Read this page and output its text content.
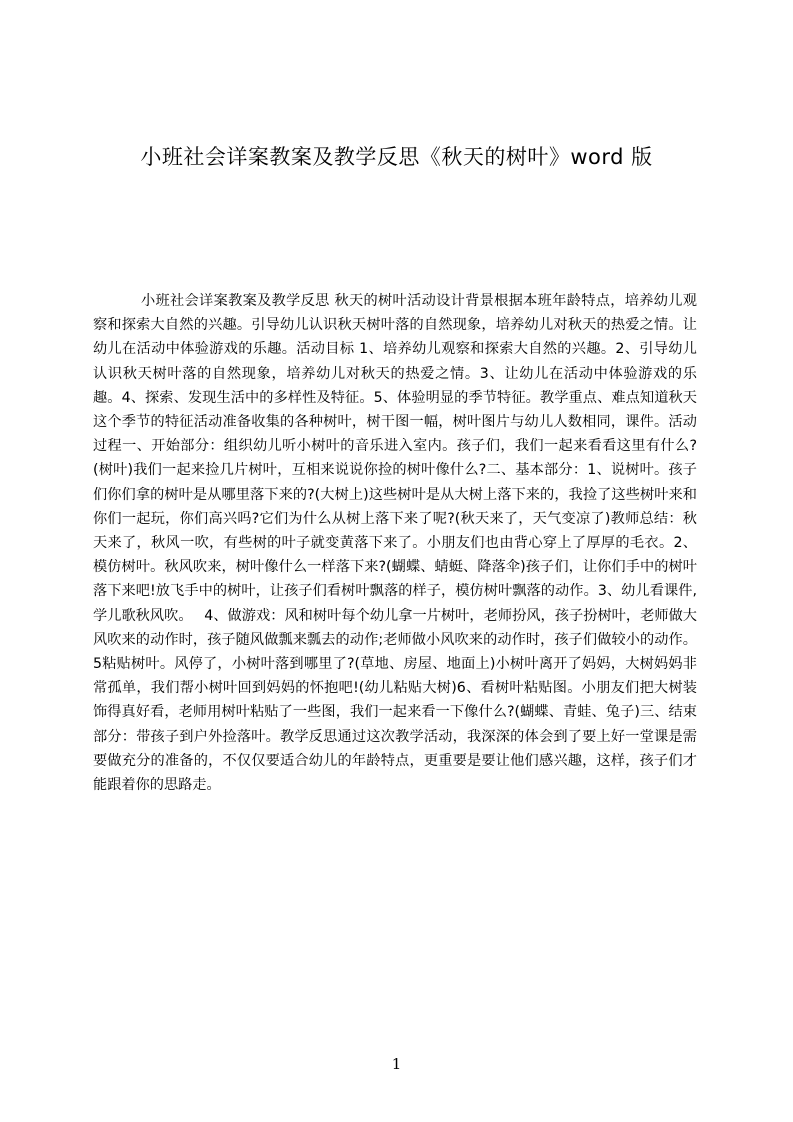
小班社会详案教案及教学反思《秋天的树叶》word 版

小班社会详案教案及教学反思 秋天的树叶活动设计背景根据本班年龄特点，培养幼儿观察和探索大自然的兴趣。引导幼儿认识秋天树叶落的自然现象，培养幼儿对秋天的热爱之情。让幼儿在活动中体验游戏的乐趣。活动目标 1、培养幼儿观察和探索大自然的兴趣。2、引导幼儿认识秋天树叶落的自然现象，培养幼儿对秋天的热爱之情。3、让幼儿在活动中体验游戏的乐趣。4、探索、发现生活中的多样性及特征。5、体验明显的季节特征。教学重点、难点知道秋天这个季节的特征活动准备收集的各种树叶，树干图一幅，树叶图片与幼儿人数相同，课件。活动过程一、开始部分：组织幼儿听小树叶的音乐进入室内。孩子们，我们一起来看看这里有什么?(树叶)我们一起来捡几片树叶，互相来说说你捡的树叶像什么?二、基本部分：1、说树叶。孩子们你们拿的树叶是从哪里落下来的?(大树上)这些树叶是从大树上落下来的，我捡了这些树叶来和你们一起玩，你们高兴吗?它们为什么从树上落下来了呢?(秋天来了，天气变凉了)教师总结：秋天来了，秋风一吹，有些树的叶子就变黄落下来了。小朋友们也由背心穿上了厚厚的毛衣。2、模仿树叶。秋风吹来，树叶像什么一样落下来?(蝴蝶、蜻蜓、降落伞)孩子们，让你们手中的树叶落下来吧!放飞手中的树叶，让孩子们看树叶飘落的样子，模仿树叶飘落的动作。3、幼儿看课件,学儿歌秋风吹。　 4、做游戏：风和树叶每个幼儿拿一片树叶，老师扮风，孩子扮树叶，老师做大风吹来的动作时，孩子随风做瓢来瓢去的动作;老师做小风吹来的动作时，孩子们做较小的动作。5粘贴树叶。风停了，小树叶落到哪里了?(草地、房屋、地面上)小树叶离开了妈妈，大树妈妈非常孤单，我们帮小树叶回到妈妈的怀抱吧!(幼儿粘贴大树)6、看树叶粘贴图。小朋友们把大树装饰得真好看，老师用树叶粘贴了一些图，我们一起来看一下像什么?(蝴蝶、青蛙、兔子)三、结束部分：带孩子到户外捡落叶。教学反思通过这次教学活动，我深深的体会到了要上好一堂课是需要做充分的准备的，不仅仅要适合幼儿的年龄特点，更重要是要让他们感兴趣，这样，孩子们才能跟着你的思路走。

1
